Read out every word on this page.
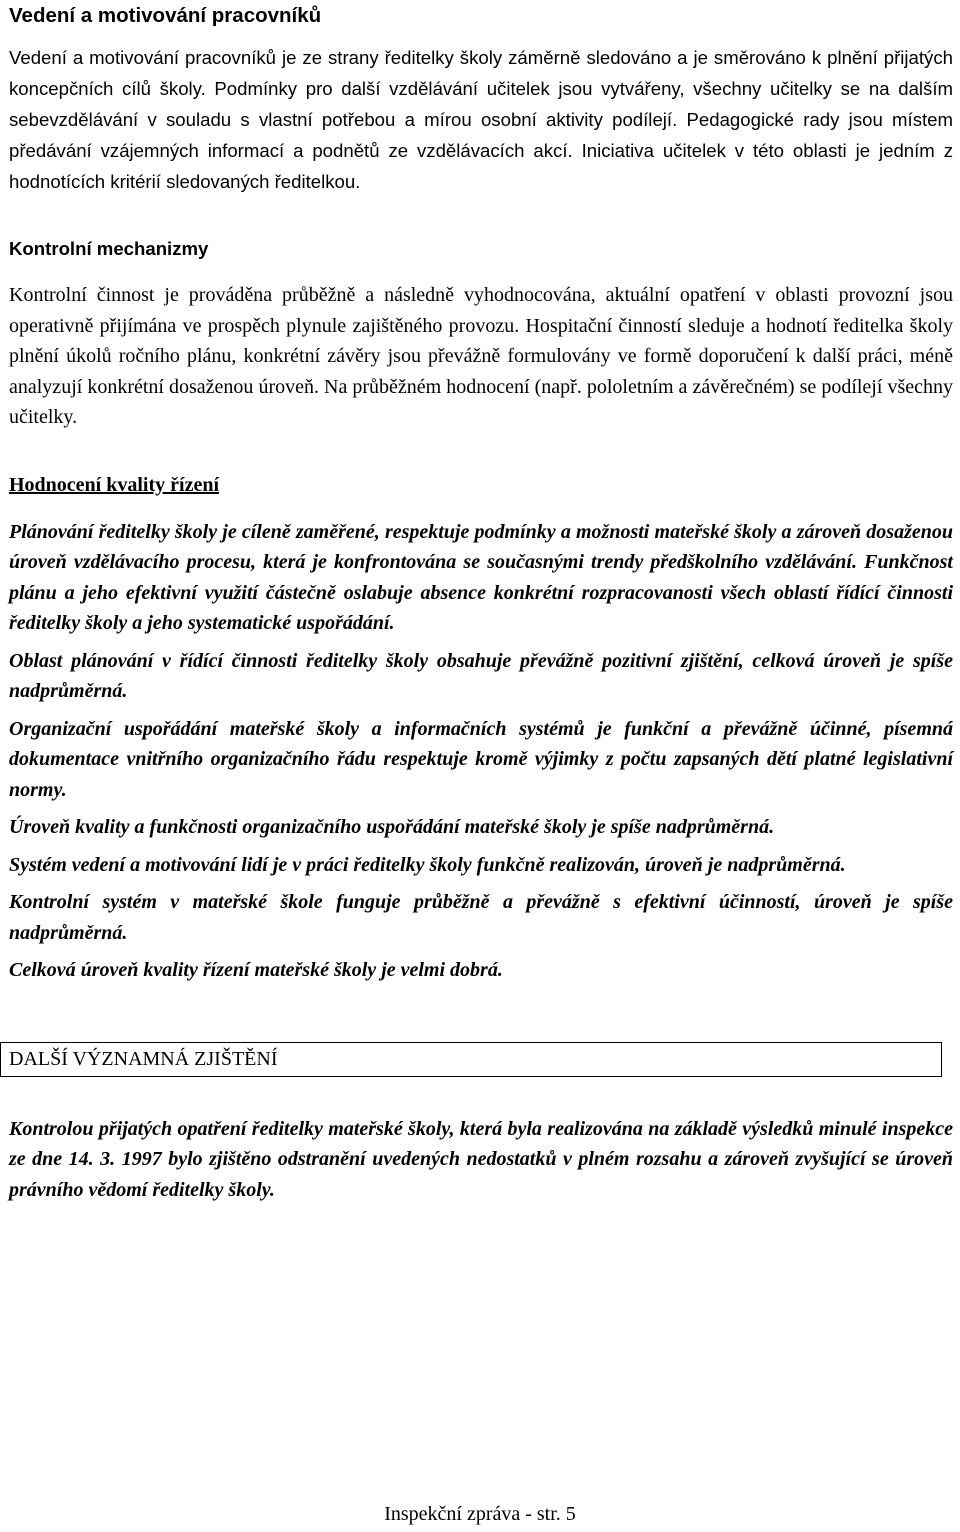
Vedení a motivování pracovníků

Vedení a motivování pracovníků je ze strany ředitelky školy záměrně sledováno a je směrováno k plnění přijatých koncepčních cílů školy. Podmínky pro další vzdělávání učitelek jsou vytvářeny, všechny učitelky se na dalším sebevzdělávání v souladu s vlastní potřebou a mírou osobní aktivity podílejí. Pedagogické rady jsou místem předávání vzájemných informací a podnětů ze vzdělávacích akcí. Iniciativa učitelek v této oblasti je jedním z hodnotících kritérií sledovaných ředitelkou.

Kontrolní mechanizmy

Kontrolní činnost je prováděna průběžně a následně vyhodnocována, aktuální opatření v oblasti provozní jsou operativně přijímána ve prospěch plynule zajištěného provozu. Hospitační činností sleduje a hodnotí ředitelka školy plnění úkolů ročního plánu, konkrétní závěry jsou převážně formulovány ve formě doporučení k další práci, méně analyzují konkrétní dosaženou úroveň. Na průběžném hodnocení (např. pololetním a závěrečném) se podílejí všechny učitelky.

Hodnocení kvality řízení

Plánování ředitelky školy je cíleně zaměřené, respektuje podmínky a možnosti mateřské školy a zároveň dosaženou úroveň vzdělávacího procesu, která je konfrontována se současnými trendy předškolního vzdělávání. Funkčnost plánu a jeho efektivní využití částečně oslabuje absence konkrétní rozpracovanosti všech oblastí řídící činnosti ředitelky školy a jeho systematické uspořádání.

Oblast plánování v řídící činnosti ředitelky školy obsahuje převážně pozitivní zjištění, celková úroveň je spíše nadprůměrná.

Organizační uspořádání mateřské školy a informačních systémů je funkční a převážně účinné, písemná dokumentace vnitřního organizačního řádu respektuje kromě výjimky z počtu zapsaných dětí platné legislativní normy.

Úroveň kvality a funkčnosti organizačního uspořádání mateřské školy je spíše nadprůměrná.

Systém vedení a motivování lidí je v práci ředitelky školy funkčně realizován, úroveň je nadprůměrná.

Kontrolní systém v mateřské škole funguje průběžně a převážně s efektivní účinností, úroveň je spíše nadprůměrná.

Celková úroveň kvality řízení mateřské školy je velmi dobrá.

DALŠÍ VÝZNAMNÁ ZJIŠTĚNÍ

Kontrolou přijatých opatření ředitelky mateřské školy, která byla realizována na základě výsledků minulé inspekce ze dne 14. 3. 1997 bylo zjištěno odstranění uvedených nedostatků v plném rozsahu a zároveň zvyšující se úroveň právního vědomí ředitelky školy.

Inspekční zpráva - str. 5
